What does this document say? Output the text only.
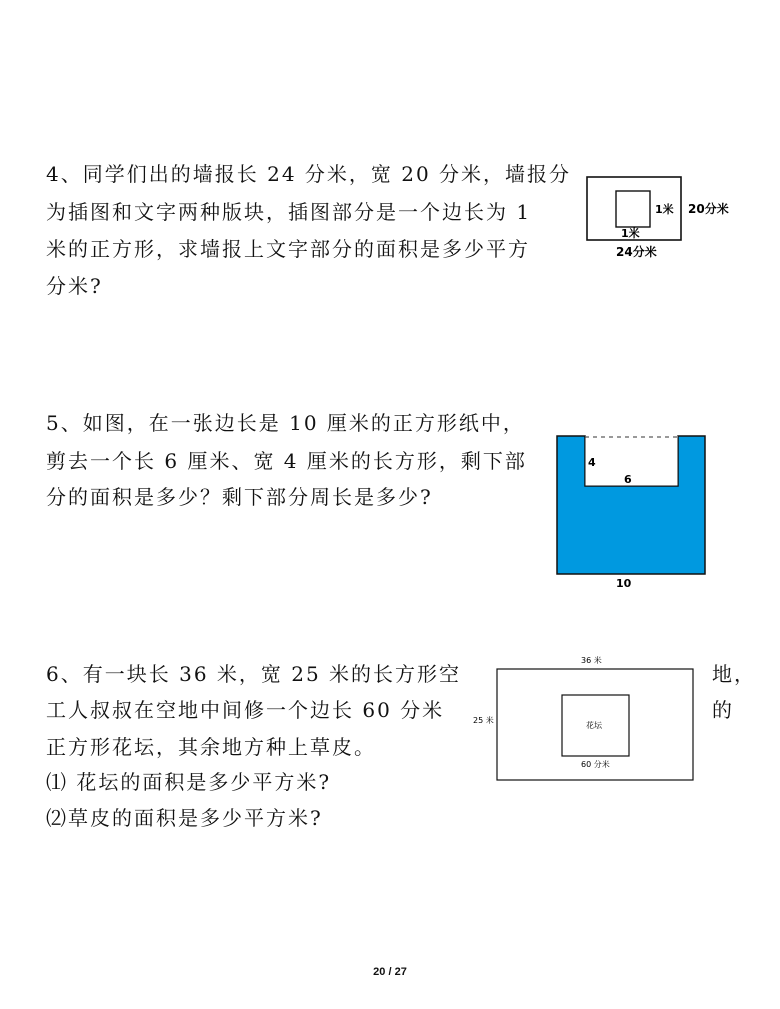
4、同学们出的墙报长 24 分米，宽 20 分米，墙报分

为插图和文字两种版块，插图部分是一个边长为 1

米的正方形，求墙报上文字部分的面积是多少平方

分米?

1米
1米
20分米
24分米

5、如图，在一张边长是 10 厘米的正方形纸中，

剪去一个长 6 厘米、宽 4 厘米的长方形，剩下部

分的面积是多少？剩下部分周长是多少?

4
6
10

6、有一块长 36 米，宽 25 米的长方形空

工人叔叔在空地中间修一个边长 60 分米

正方形花坛，其余地方种上草皮。

⑴ 花坛的面积是多少平方米?

⑵草皮的面积是多少平方米?

地，

的

36 米
25 米
花坛
60 分米
20 / 27
